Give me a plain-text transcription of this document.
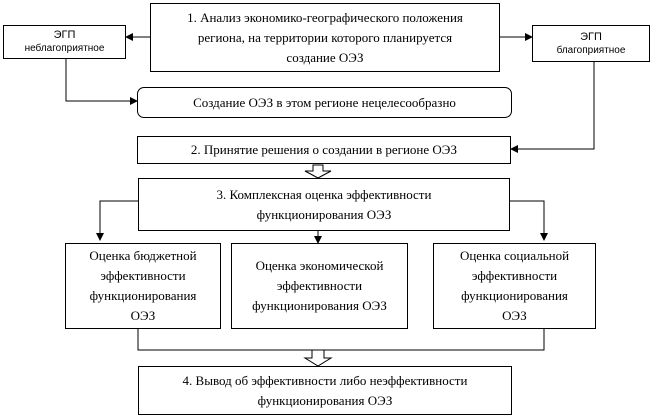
1. Анализ экономико-географического положения
региона, на территории которого планируется
создание ОЭЗ
ЭГП
неблагоприятное
ЭГП
благоприятное
Создание ОЭЗ в этом регионе нецелесообразно
2. Принятие решения о создании в регионе ОЭЗ
3. Комплексная оценка эффективности
функционирования ОЭЗ
Оценка бюджетной
эффективности
функционирования
ОЭЗ
Оценка экономической
эффективности
функционирования ОЭЗ
Оценка социальной
эффективности
функционирования
ОЭЗ
4. Вывод об эффективности либо неэффективности
функционирования ОЭЗ
